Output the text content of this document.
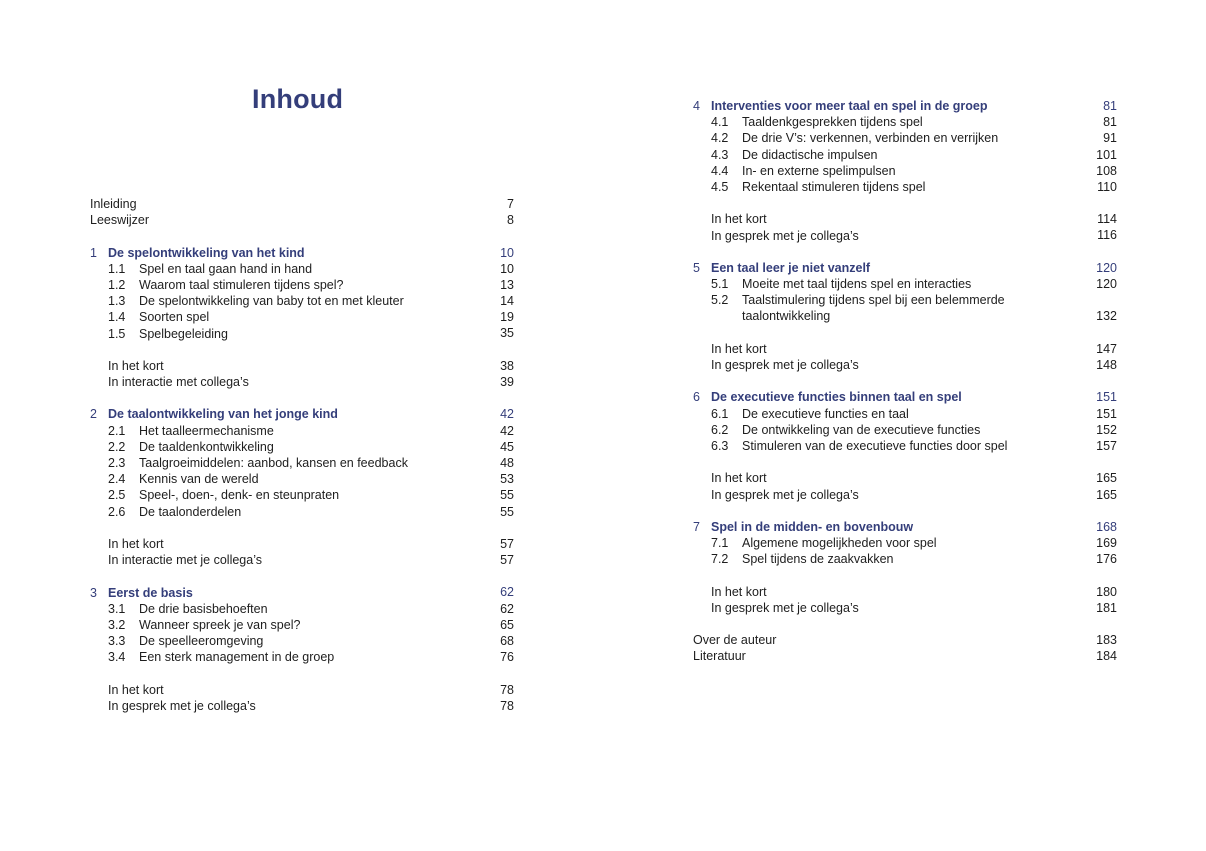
Inhoud
Inleiding	7
Leeswijzer	8
1 De spelontwikkeling van het kind	10
1.1 Spel en taal gaan hand in hand	10
1.2 Waarom taal stimuleren tijdens spel?	13
1.3 De spelontwikkeling van baby tot en met kleuter	14
1.4 Soorten spel	19
1.5 Spelbegeleiding	35
In het kort	38
In interactie met collega’s	39
2 De taalontwikkeling van het jonge kind	42
2.1 Het taalleermechanisme	42
2.2 De taaldenkontwikkeling	45
2.3 Taalgroeimiddelen: aanbod, kansen en feedback	48
2.4 Kennis van de wereld	53
2.5 Speel-, doen-, denk- en steunpraten	55
2.6 De taalonderdelen	55
In het kort	57
In interactie met je collega’s	57
3 Eerst de basis	62
3.1 De drie basisbehoeften	62
3.2 Wanneer spreek je van spel?	65
3.3 De speelleeromgeving	68
3.4 Een sterk management in de groep	76
In het kort	78
In gesprek met je collega’s	78
4 Interventies voor meer taal en spel in de groep	81
4.1 Taaldenkgesprekken tijdens spel	81
4.2 De drie V’s: verkennen, verbinden en verrijken	91
4.3 De didactische impulsen	101
4.4 In- en externe spelimpulsen	108
4.5 Rekentaal stimuleren tijdens spel	110
In het kort	114
In gesprek met je collega’s	116
5 Een taal leer je niet vanzelf	120
5.1 Moeite met taal tijdens spel en interacties	120
5.2 Taalstimulering tijdens spel bij een belemmerde taalontwikkeling	132
In het kort	147
In gesprek met je collega’s	148
6 De executieve functies binnen taal en spel	151
6.1 De executieve functies en taal	151
6.2 De ontwikkeling van de executieve functies	152
6.3 Stimuleren van de executieve functies door spel	157
In het kort	165
In gesprek met je collega’s	165
7 Spel in de midden- en bovenbouw	168
7.1 Algemene mogelijkheden voor spel	169
7.2 Spel tijdens de zaakvakken	176
In het kort	180
In gesprek met je collega’s	181
Over de auteur	183
Literatuur	184
